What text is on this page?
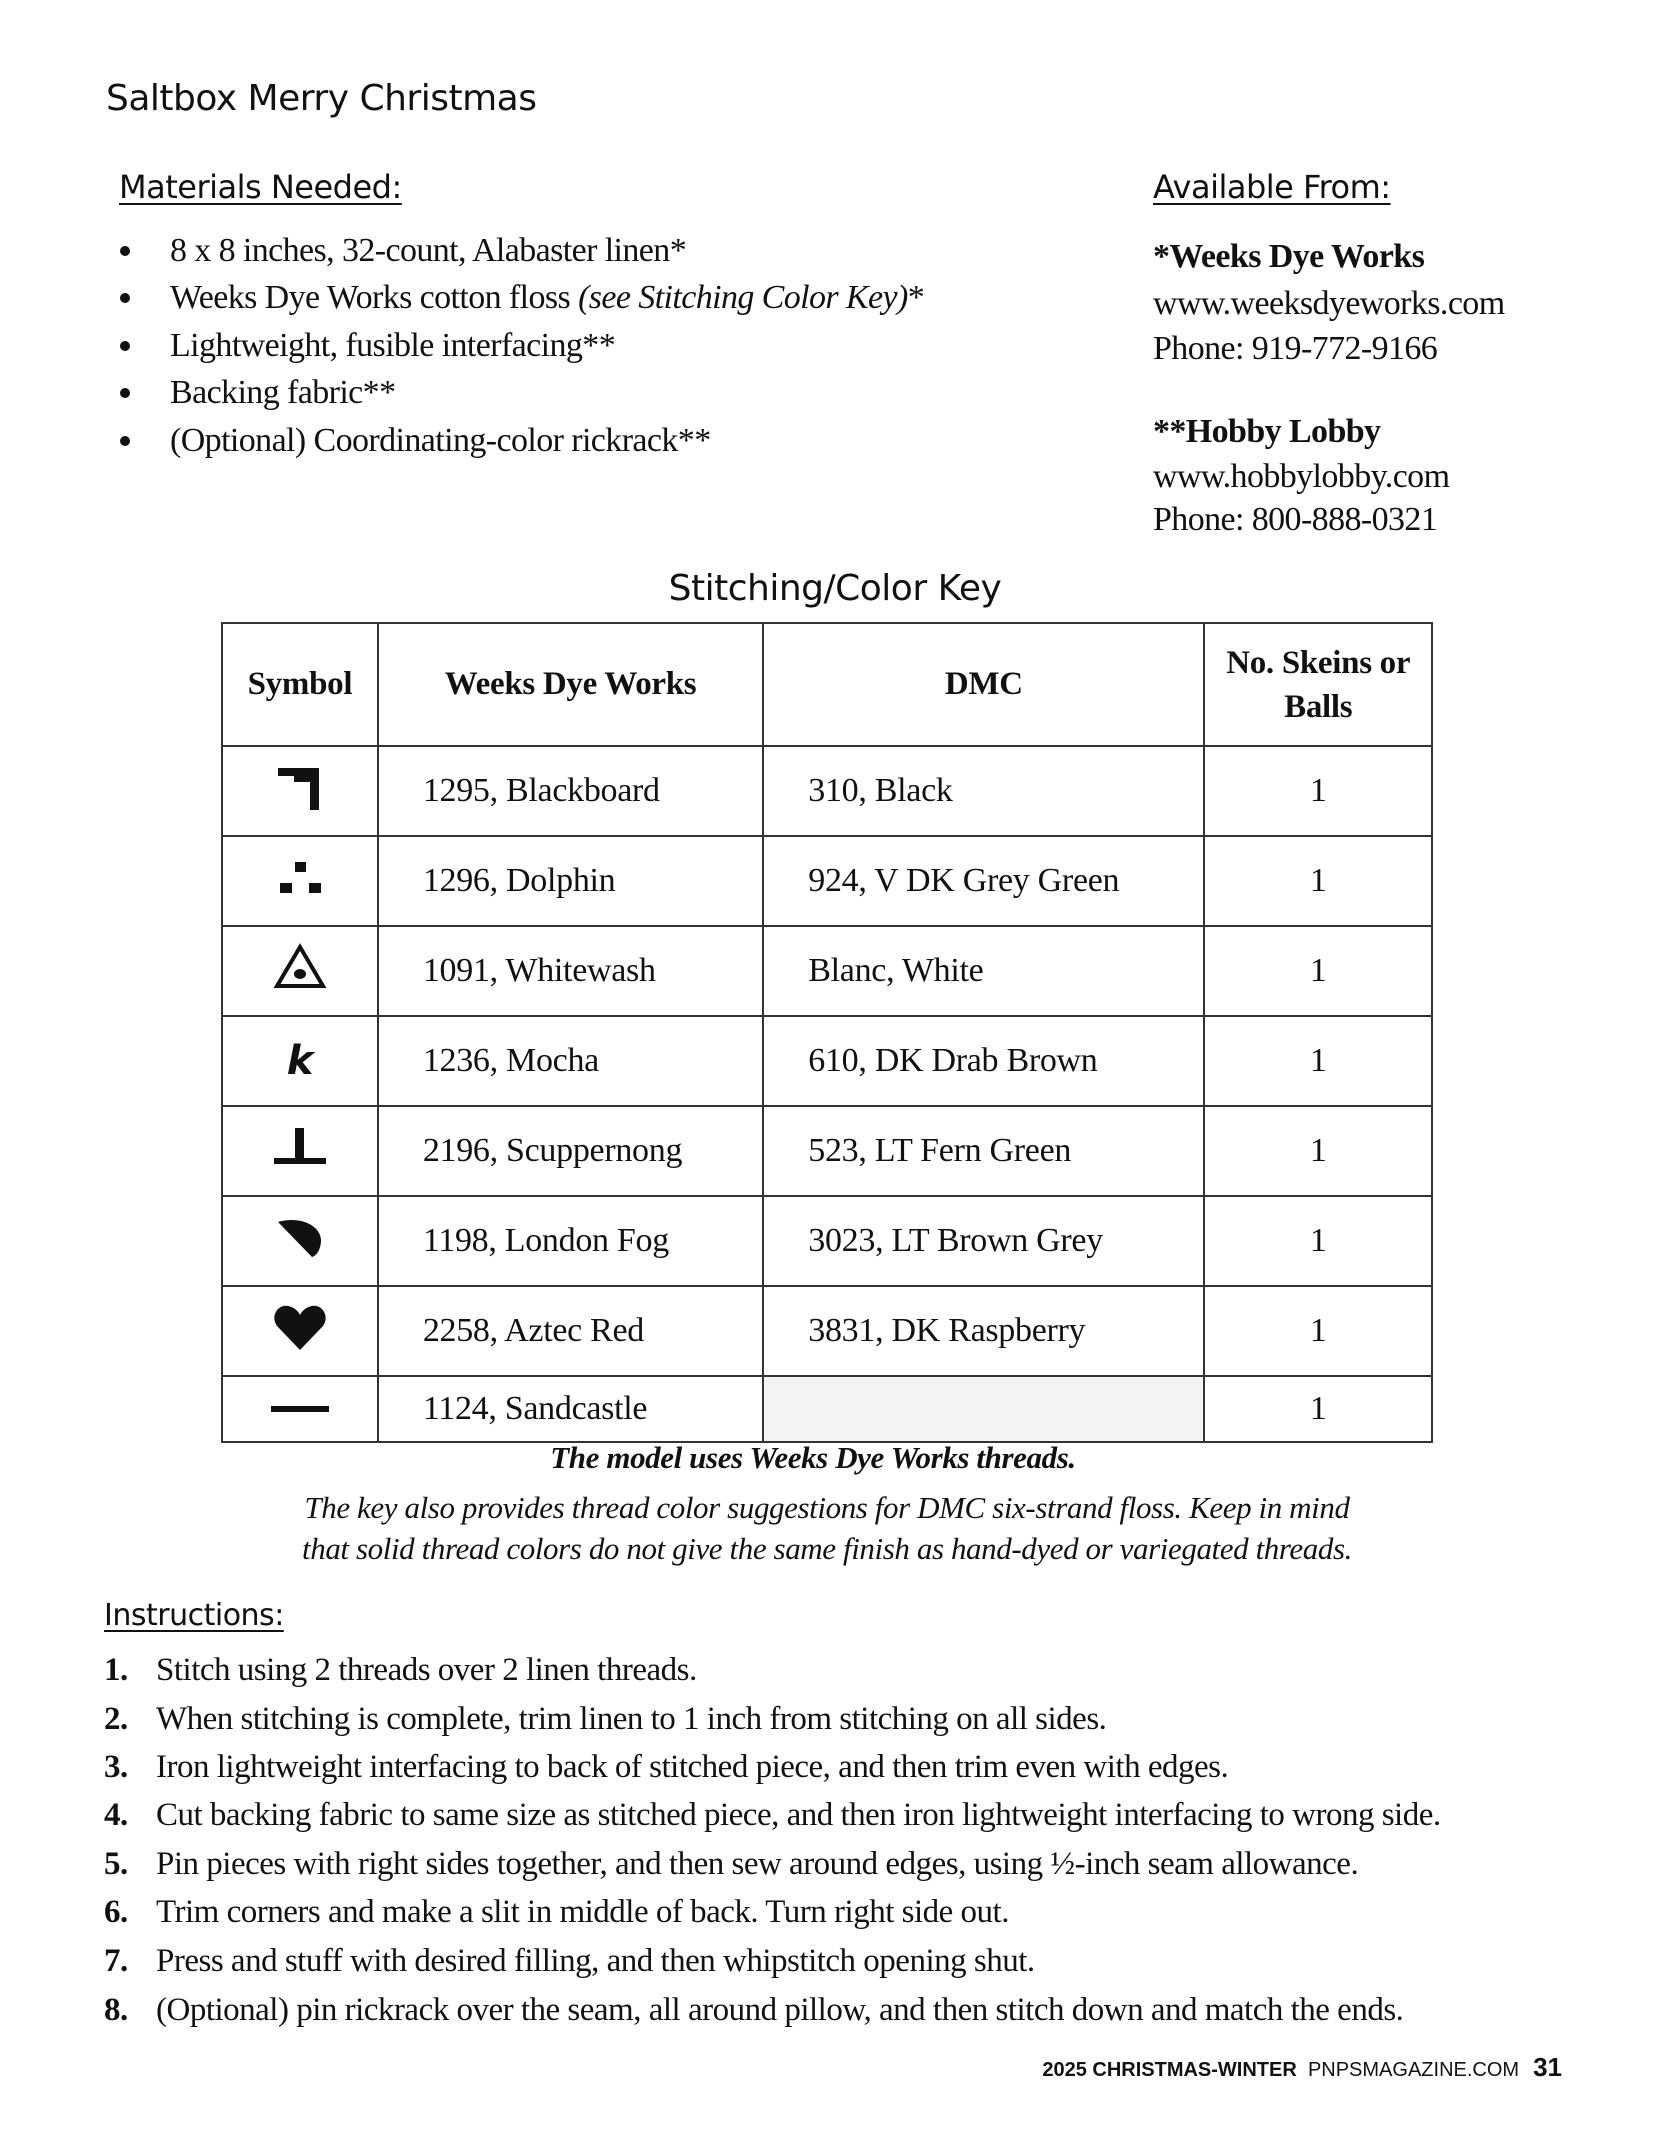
Saltbox Merry Christmas
Materials Needed:
8 x 8 inches, 32-count, Alabaster linen*
Weeks Dye Works cotton floss (see Stitching Color Key)*
Lightweight, fusible interfacing**
Backing fabric**
(Optional) Coordinating-color rickrack**
Available From:
*Weeks Dye Works
www.weeksdyeworks.com
Phone: 919-772-9166
**Hobby Lobby
www.hobbylobby.com
Phone: 800-888-0321
Stitching/Color Key
Symbol	Weeks Dye Works	DMC	No. Skeins or Balls
	1295, Blackboard	310, Black	1
	1296, Dolphin	924, V DK Grey Green	1
	1091, Whitewash	Blanc, White	1
k	1236, Mocha	610, DK Drab Brown	1
	2196, Scuppernong	523, LT Fern Green	1
	1198, London Fog	3023, LT Brown Grey	1
	2258, Aztec Red	3831, DK Raspberry	1
	1124, Sandcastle		1
The model uses Weeks Dye Works threads.
The key also provides thread color suggestions for DMC six-strand floss. Keep in mind
that solid thread colors do not give the same finish as hand-dyed or variegated threads.
Instructions:
1. Stitch using 2 threads over 2 linen threads.
2. When stitching is complete, trim linen to 1 inch from stitching on all sides.
3. Iron lightweight interfacing to back of stitched piece, and then trim even with edges.
4. Cut backing fabric to same size as stitched piece, and then iron lightweight interfacing to wrong side.
5. Pin pieces with right sides together, and then sew around edges, using ½-inch seam allowance.
6. Trim corners and make a slit in middle of back. Turn right side out.
7. Press and stuff with desired filling, and then whipstitch opening shut.
8. (Optional) pin rickrack over the seam, all around pillow, and then stitch down and match the ends.
2025 CHRISTMAS-WINTER PNPSMAGAZINE.COM 31
